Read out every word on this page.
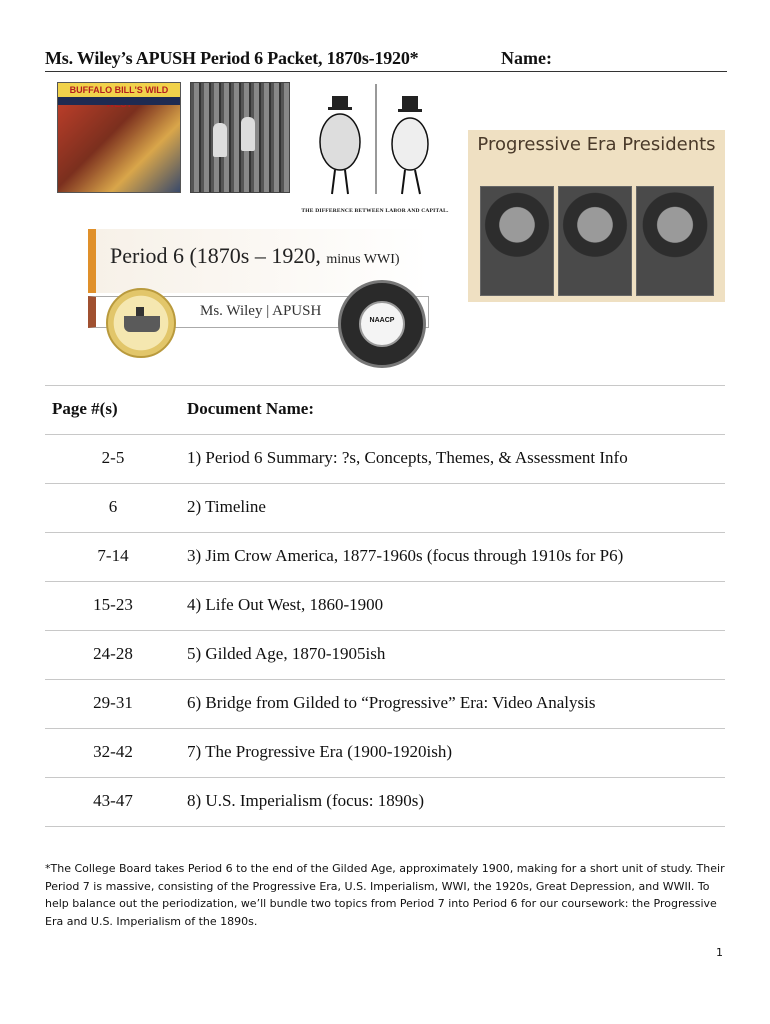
Ms. Wiley’s APUSH Period 6 Packet, 1870s-1920*	Name:
BUFFALO BILL'S WILD
THE DIFFERENCE BETWEEN LABOR AND CAPITAL.
Progressive Era Presidents
Period 6 (1870s – 1920, minus WWI)
Ms. Wiley | APUSH
NAACP
Page #(s)	Document Name:
2-5	1) Period 6 Summary: ?s, Concepts, Themes, & Assessment Info
6	2) Timeline
7-14	3) Jim Crow America, 1877-1960s (focus through 1910s for P6)
15-23	4) Life Out West, 1860-1900
24-28	5) Gilded Age, 1870-1905ish
29-31	6) Bridge from Gilded to “Progressive” Era: Video Analysis
32-42	7) The Progressive Era (1900-1920ish)
43-47	8) U.S. Imperialism (focus: 1890s)

*The College Board takes Period 6 to the end of the Gilded Age, approximately 1900, making for a short unit of study. Their Period 7 is massive, consisting of the Progressive Era, U.S. Imperialism, WWI, the 1920s, Great Depression, and WWII. To help balance out the periodization, we’ll bundle two topics from Period 7 into Period 6 for our coursework: the Progressive Era and U.S. Imperialism of the 1890s.

1
